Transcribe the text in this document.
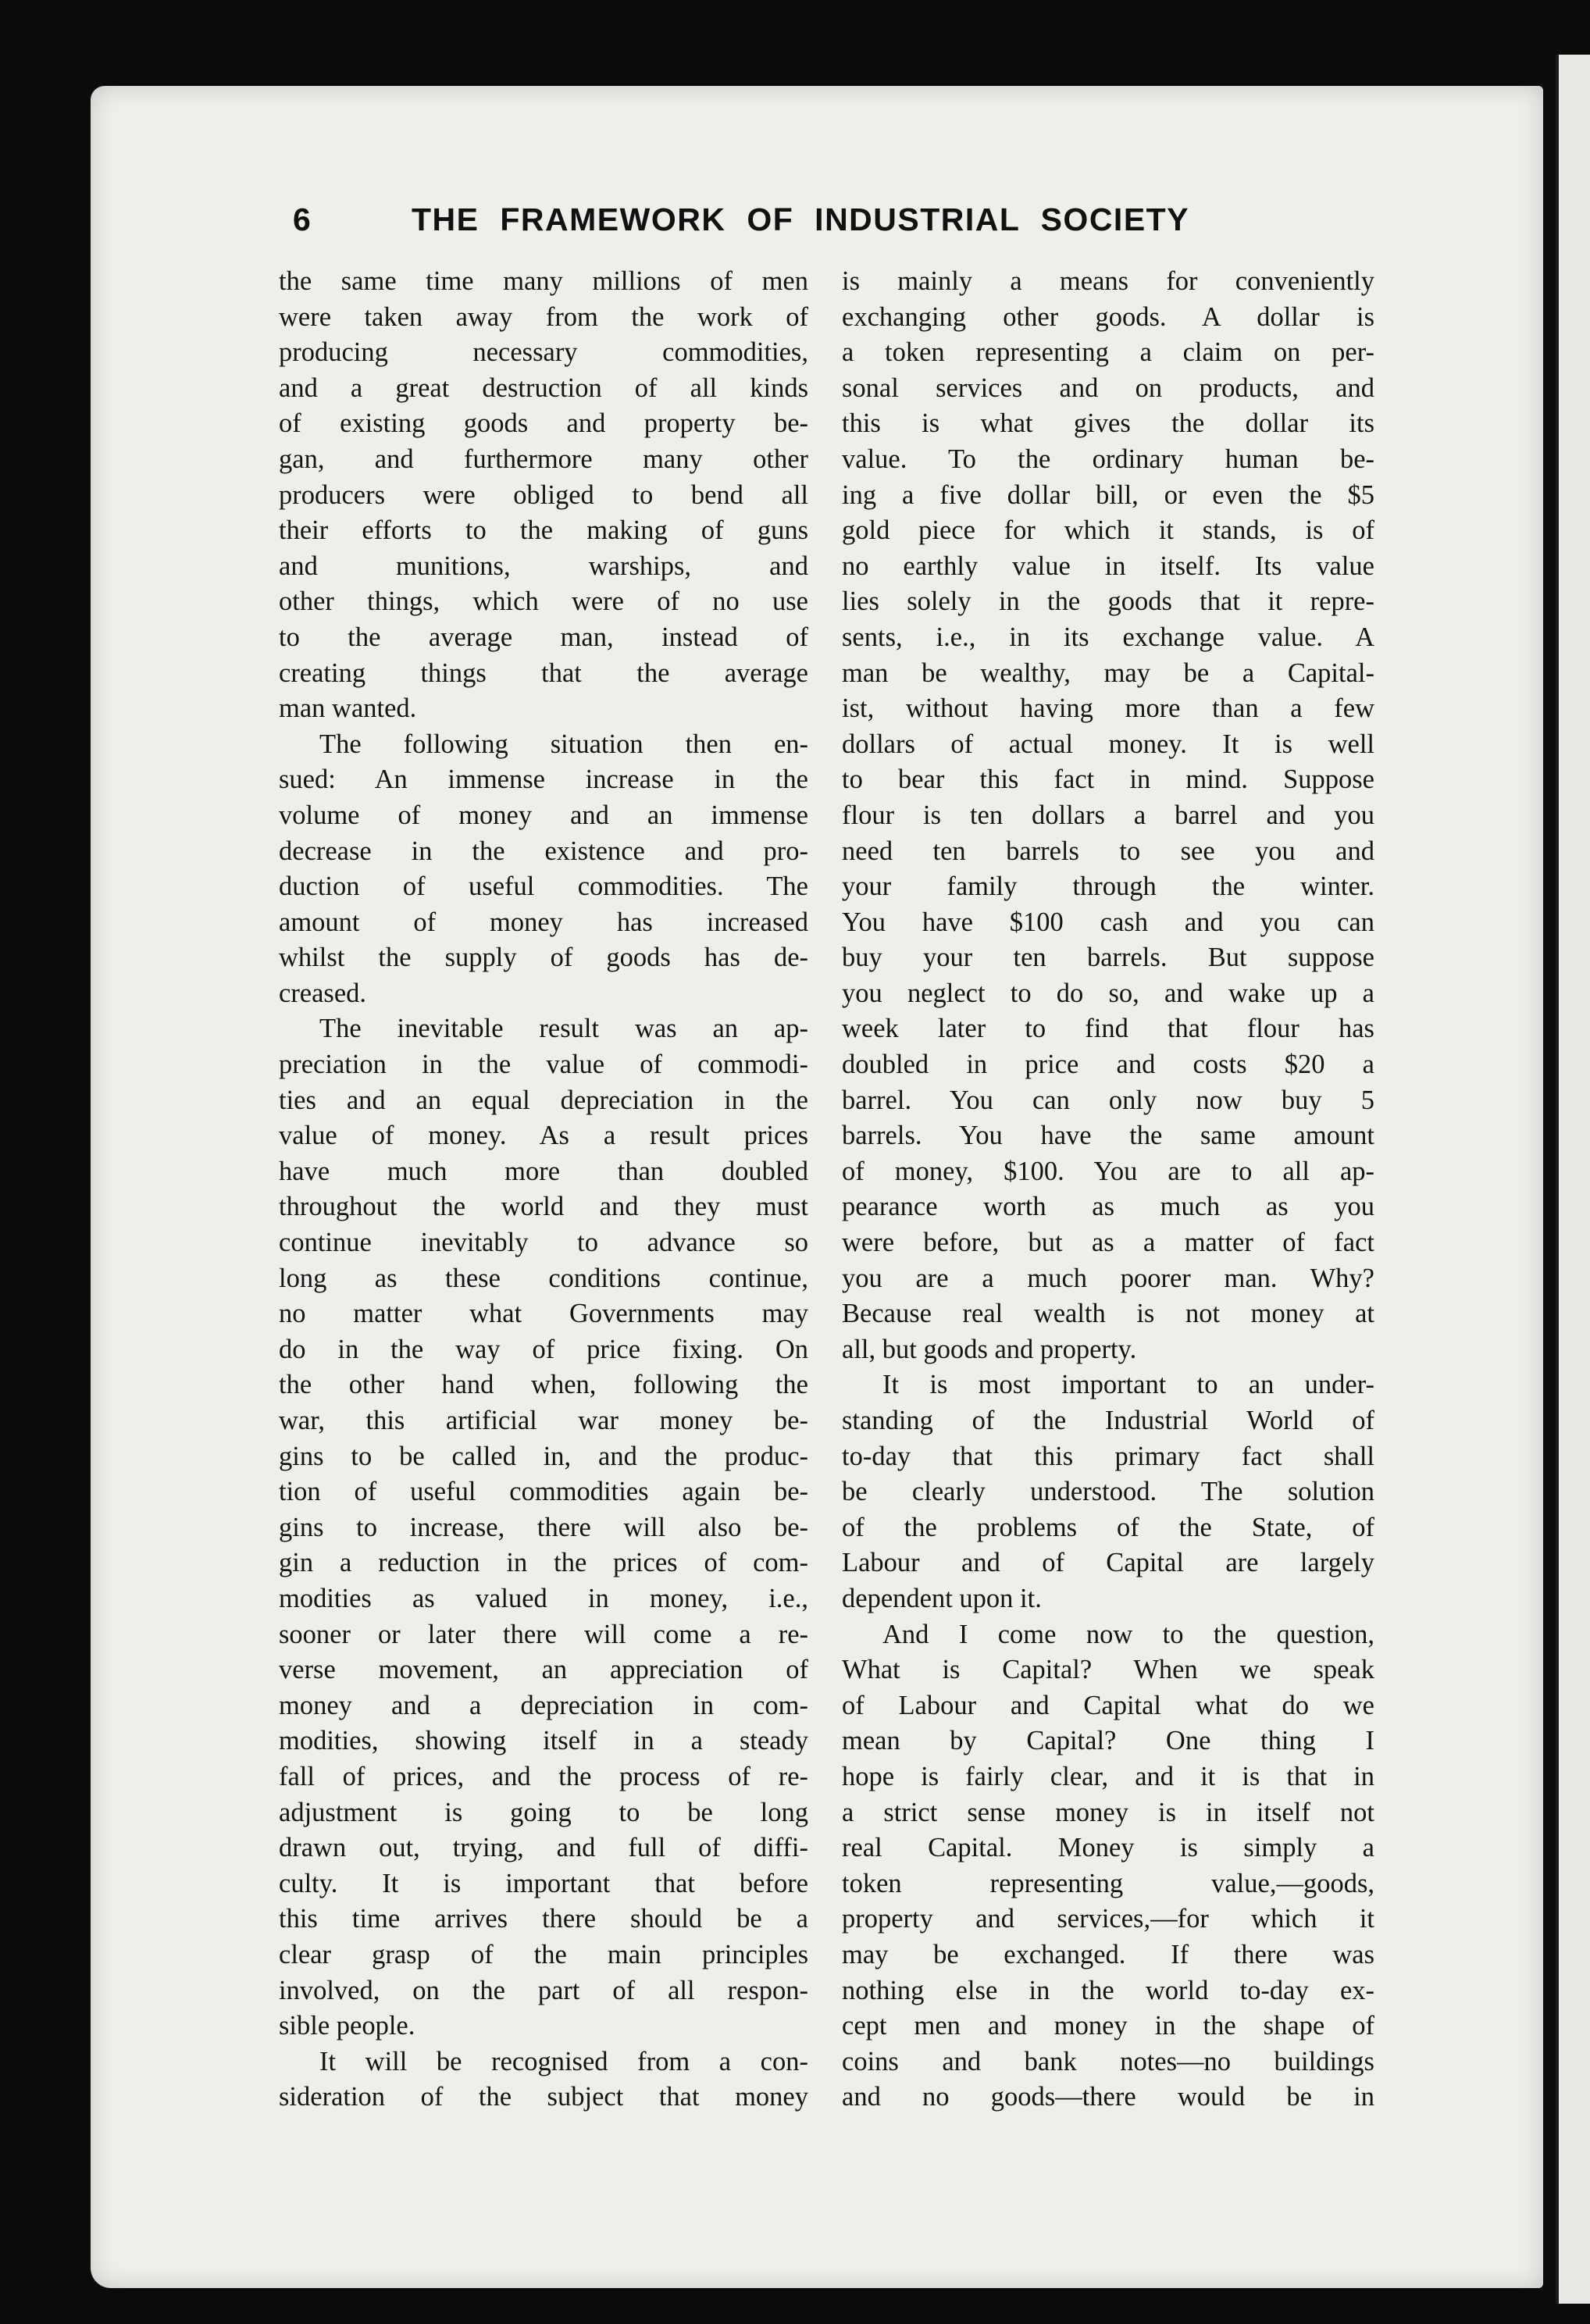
6	THE FRAMEWORK OF INDUSTRIAL SOCIETY
the same time many millions of men
were taken away from the work of
producing necessary commodities,
and a great destruction of all kinds
of existing goods and property be-
gan, and furthermore many other
producers were obliged to bend all
their efforts to the making of guns
and munitions, warships, and
other things, which were of no use
to the average man, instead of
creating things that the average
man wanted.
The following situation then en-
sued: An immense increase in the
volume of money and an immense
decrease in the existence and pro-
duction of useful commodities. The
amount of money has increased
whilst the supply of goods has de-
creased.
The inevitable result was an ap-
preciation in the value of commodi-
ties and an equal depreciation in the
value of money. As a result prices
have much more than doubled
throughout the world and they must
continue inevitably to advance so
long as these conditions continue,
no matter what Governments may
do in the way of price fixing. On
the other hand when, following the
war, this artificial war money be-
gins to be called in, and the produc-
tion of useful commodities again be-
gins to increase, there will also be-
gin a reduction in the prices of com-
modities as valued in money, i.e.,
sooner or later there will come a re-
verse movement, an appreciation of
money and a depreciation in com-
modities, showing itself in a steady
fall of prices, and the process of re-
adjustment is going to be long
drawn out, trying, and full of diffi-
culty. It is important that before
this time arrives there should be a
clear grasp of the main principles
involved, on the part of all respon-
sible people.
It will be recognised from a con-
sideration of the subject that money
is mainly a means for conveniently
exchanging other goods. A dollar is
a token representing a claim on per-
sonal services and on products, and
this is what gives the dollar its
value. To the ordinary human be-
ing a five dollar bill, or even the $5
gold piece for which it stands, is of
no earthly value in itself. Its value
lies solely in the goods that it repre-
sents, i.e., in its exchange value. A
man be wealthy, may be a Capital-
ist, without having more than a few
dollars of actual money. It is well
to bear this fact in mind. Suppose
flour is ten dollars a barrel and you
need ten barrels to see you and
your family through the winter.
You have $100 cash and you can
buy your ten barrels. But suppose
you neglect to do so, and wake up a
week later to find that flour has
doubled in price and costs $20 a
barrel. You can only now buy 5
barrels. You have the same amount
of money, $100. You are to all ap-
pearance worth as much as you
were before, but as a matter of fact
you are a much poorer man. Why?
Because real wealth is not money at
all, but goods and property.
It is most important to an under-
standing of the Industrial World of
to-day that this primary fact shall
be clearly understood. The solution
of the problems of the State, of
Labour and of Capital are largely
dependent upon it.
And I come now to the question,
What is Capital? When we speak
of Labour and Capital what do we
mean by Capital? One thing I
hope is fairly clear, and it is that in
a strict sense money is in itself not
real Capital. Money is simply a
token representing value,—goods,
property and services,—for which it
may be exchanged. If there was
nothing else in the world to-day ex-
cept men and money in the shape of
coins and bank notes—no buildings
and no goods—there would be in
